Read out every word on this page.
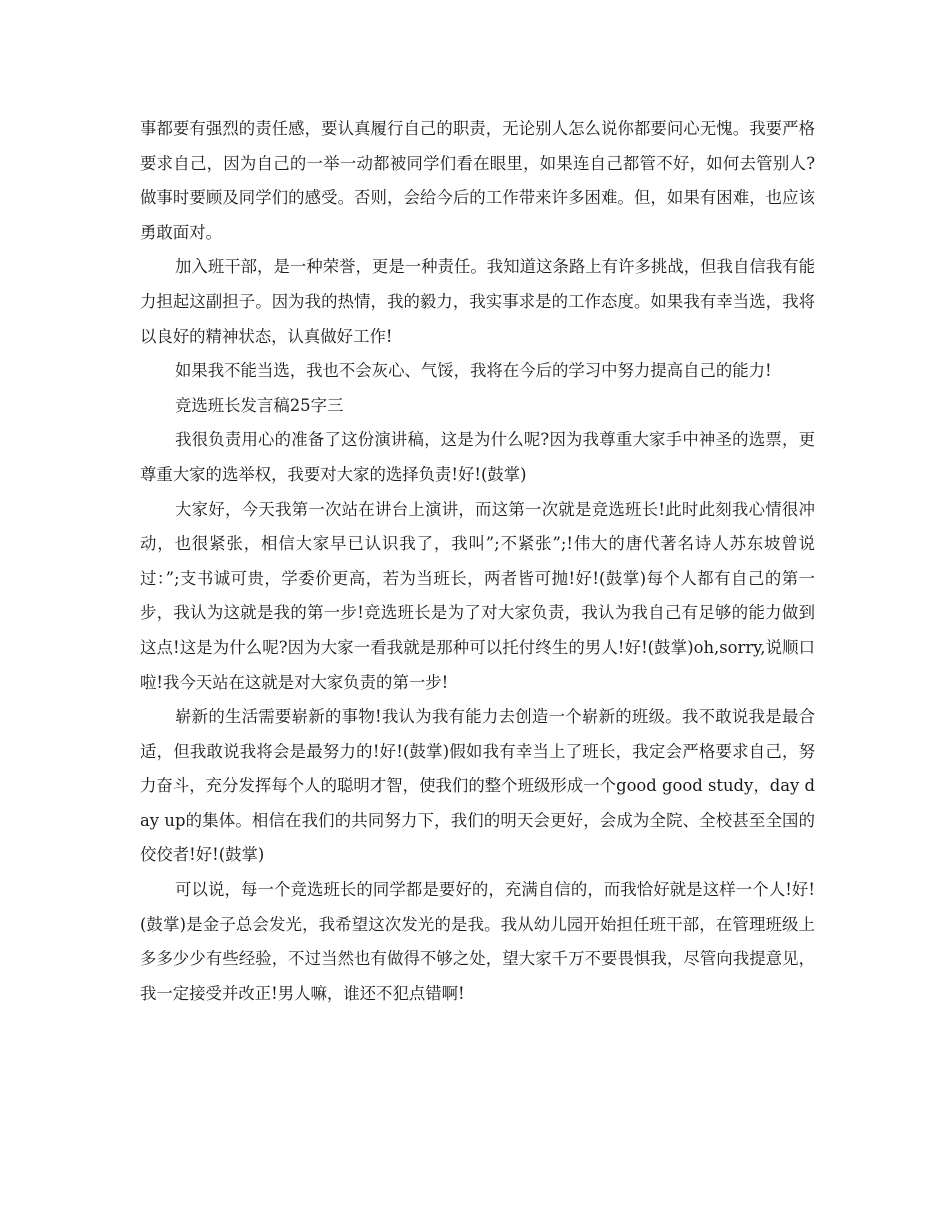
事都要有强烈的责任感，要认真履行自己的职责，无论别人怎么说你都要问心无愧。我要严格要求自己，因为自己的一举一动都被同学们看在眼里，如果连自己都管不好，如何去管别人?做事时要顾及同学们的感受。否则，会给今后的工作带来许多困难。但，如果有困难，也应该勇敢面对。

加入班干部，是一种荣誉，更是一种责任。我知道这条路上有许多挑战，但我自信我有能力担起这副担子。因为我的热情，我的毅力，我实事求是的工作态度。如果我有幸当选，我将以良好的精神状态，认真做好工作!

如果我不能当选，我也不会灰心、气馁，我将在今后的学习中努力提高自己的能力!

竞选班长发言稿25字三

我很负责用心的准备了这份演讲稿，这是为什么呢?因为我尊重大家手中神圣的选票，更尊重大家的选举权，我要对大家的选择负责!好!(鼓掌)

大家好，今天我第一次站在讲台上演讲，而这第一次就是竞选班长!此时此刻我心情很冲动，也很紧张，相信大家早已认识我了，我叫”;不紧张”;!伟大的唐代著名诗人苏东坡曾说过：”;支书诚可贵，学委价更高，若为当班长，两者皆可抛!好!(鼓掌)每个人都有自己的第一步，我认为这就是我的第一步!竞选班长是为了对大家负责，我认为我自己有足够的能力做到这点!这是为什么呢?因为大家一看我就是那种可以托付终生的男人!好!(鼓掌)oh,sorry,说顺口啦!我今天站在这就是对大家负责的第一步!

崭新的生活需要崭新的事物!我认为我有能力去创造一个崭新的班级。我不敢说我是最合适，但我敢说我将会是最努力的!好!(鼓掌)假如我有幸当上了班长，我定会严格要求自己，努力奋斗，充分发挥每个人的聪明才智，使我们的整个班级形成一个good good study，day day up的集体。相信在我们的共同努力下，我们的明天会更好，会成为全院、全校甚至全国的佼佼者!好!(鼓掌)

可以说，每一个竞选班长的同学都是要好的，充满自信的，而我恰好就是这样一个人!好!(鼓掌)是金子总会发光，我希望这次发光的是我。我从幼儿园开始担任班干部，在管理班级上多多少少有些经验，不过当然也有做得不够之处，望大家千万不要畏惧我，尽管向我提意见，我一定接受并改正!男人嘛，谁还不犯点错啊!
